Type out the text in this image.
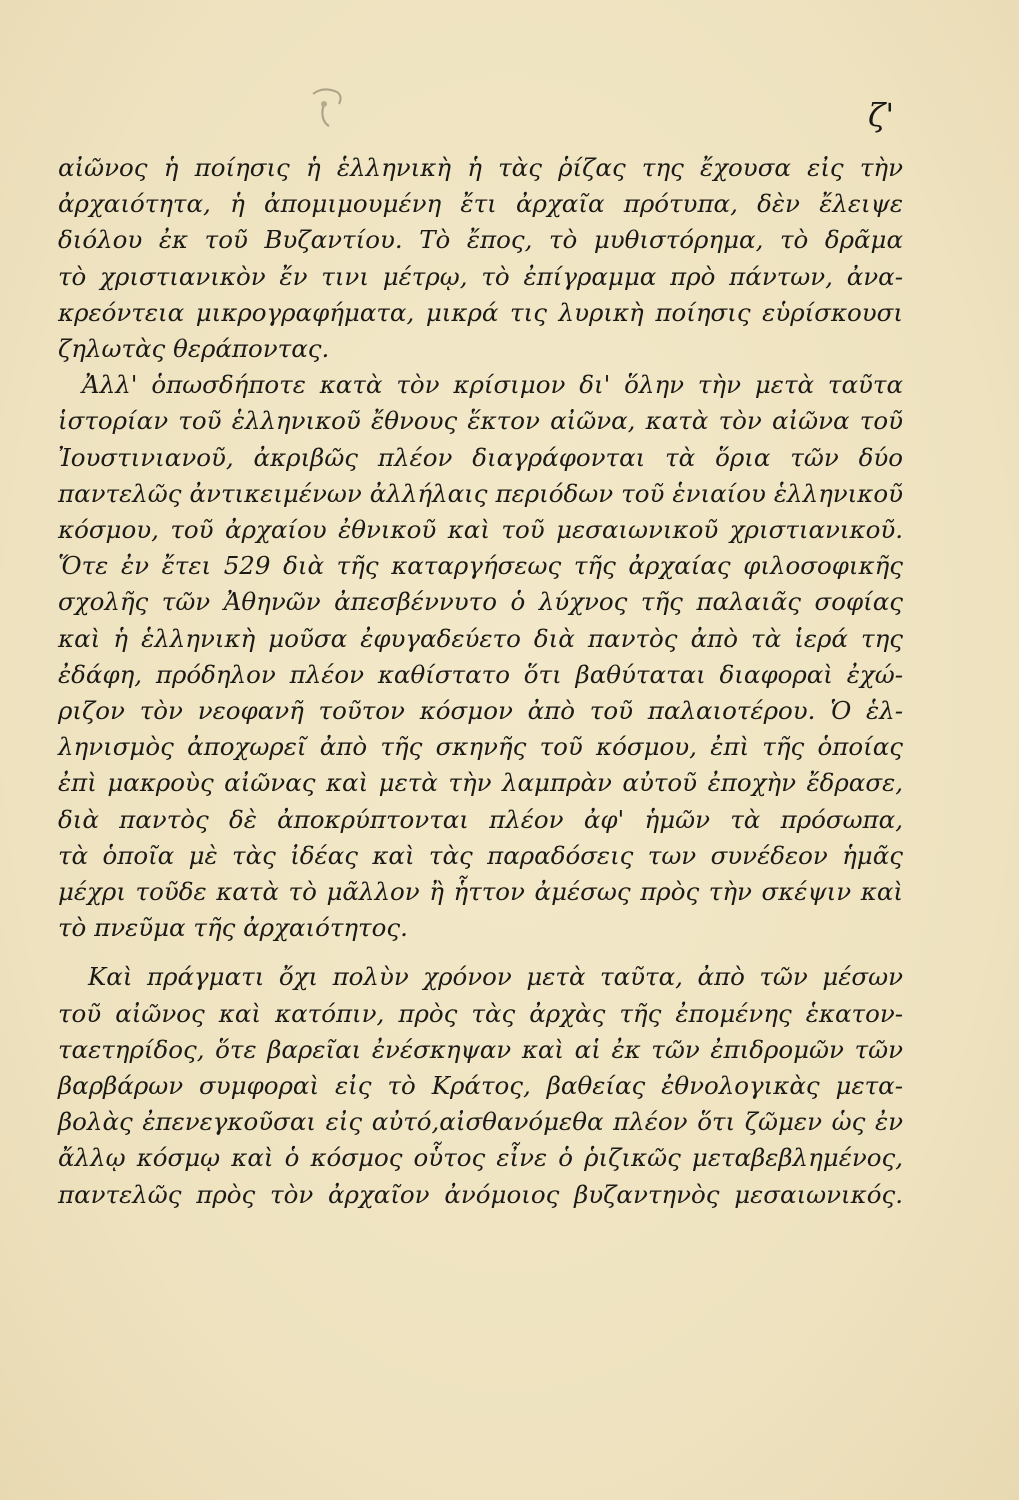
ζ'
αἰῶνος ἡ ποίησις ἡ ἑλληνικὴ ἡ τὰς ῥίζας της ἔχουσα εἰς τὴν
ἀρχαιότητα, ἡ ἀπομιμουμένη ἔτι ἀρχαῖα πρότυπα, δὲν ἔλειψε
διόλου ἐκ τοῦ Βυζαντίου. Τὸ ἔπος, τὸ μυθιστόρημα, τὸ δρᾶμα
τὸ χριστιανικὸν ἔν τινι μέτρῳ, τὸ ἐπίγραμμα πρὸ πάντων, ἀνα-
κρεόντεια μικρογραφήματα, μικρά τις λυρικὴ ποίησις εὑρίσκουσι
ζηλωτὰς θεράποντας.
Ἀλλ' ὁπωσδήποτε κατὰ τὸν κρίσιμον δι' ὅλην τὴν μετὰ ταῦτα
ἱστορίαν τοῦ ἑλληνικοῦ ἔθνους ἕκτον αἰῶνα, κατὰ τὸν αἰῶνα τοῦ
Ἰουστινιανοῦ, ἀκριβῶς πλέον διαγράφονται τὰ ὅρια τῶν δύο
παντελῶς ἀντικειμένων ἀλλήλαις περιόδων τοῦ ἑνιαίου ἑλληνικοῦ
κόσμου, τοῦ ἀρχαίου ἐθνικοῦ καὶ τοῦ μεσαιωνικοῦ χριστιανικοῦ.
Ὅτε ἐν ἔτει 529 διὰ τῆς καταργήσεως τῆς ἀρχαίας φιλοσοφικῆς
σχολῆς τῶν Ἀθηνῶν ἀπεσβέννυτο ὁ λύχνος τῆς παλαιᾶς σοφίας
καὶ ἡ ἑλληνικὴ μοῦσα ἐφυγαδεύετο διὰ παντὸς ἀπὸ τὰ ἱερά της
ἐδάφη, πρόδηλον πλέον καθίστατο ὅτι βαθύταται διαφοραὶ ἐχώ-
ριζον τὸν νεοφανῆ τοῦτον κόσμον ἀπὸ τοῦ παλαιοτέρου. Ὁ ἑλ-
ληνισμὸς ἀποχωρεῖ ἀπὸ τῆς σκηνῆς τοῦ κόσμου, ἐπὶ τῆς ὁποίας
ἐπὶ μακροὺς αἰῶνας καὶ μετὰ τὴν λαμπρὰν αὐτοῦ ἐποχὴν ἔδρασε,
διὰ παντὸς δὲ ἀποκρύπτονται πλέον ἀφ' ἡμῶν τὰ πρόσωπα,
τὰ ὁποῖα μὲ τὰς ἰδέας καὶ τὰς παραδόσεις των συνέδεον ἡμᾶς
μέχρι τοῦδε κατὰ τὸ μᾶλλον ἢ ἧττον ἀμέσως πρὸς τὴν σκέψιν καὶ
τὸ πνεῦμα τῆς ἀρχαιότητος.
Καὶ πράγματι ὄχι πολὺν χρόνον μετὰ ταῦτα, ἀπὸ τῶν μέσων
τοῦ αἰῶνος καὶ κατόπιν, πρὸς τὰς ἀρχὰς τῆς ἐπομένης ἑκατον-
ταετηρίδος, ὅτε βαρεῖαι ἐνέσκηψαν καὶ αἱ ἐκ τῶν ἐπιδρομῶν τῶν
βαρβάρων συμφοραὶ εἰς τὸ Κράτος, βαθείας ἐθνολογικὰς μετα-
βολὰς ἐπενεγκοῦσαι εἰς αὐτό,αἰσθανόμεθα πλέον ὅτι ζῶμεν ὡς ἐν
ἄλλῳ κόσμῳ καὶ ὁ κόσμος οὗτος εἶνε ὁ ῥιζικῶς μεταβεβλημένος,
παντελῶς πρὸς τὸν ἀρχαῖον ἀνόμοιος βυζαντηνὸς μεσαιωνικός.
